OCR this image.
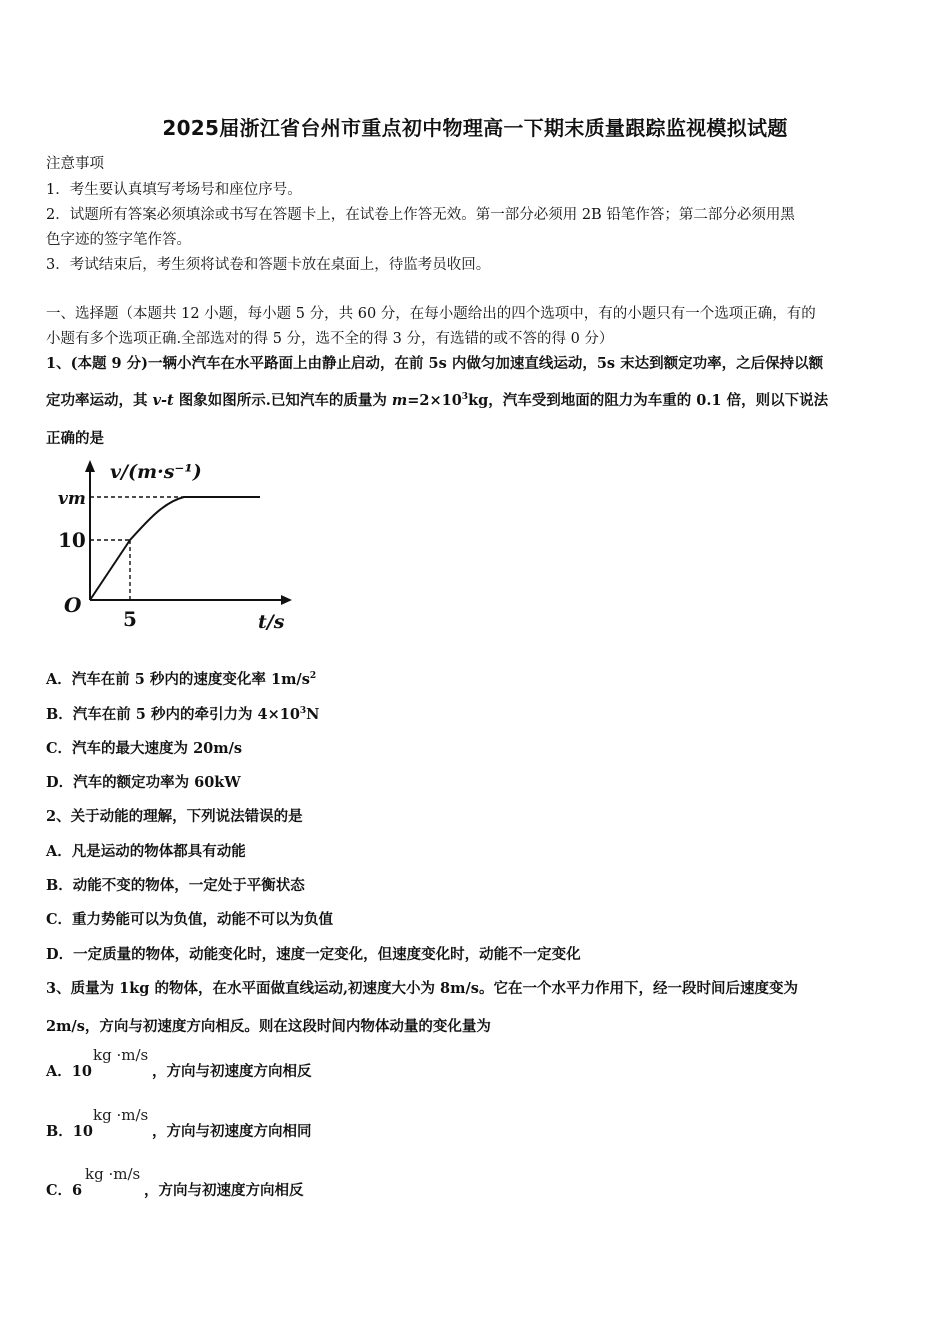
2025届浙江省台州市重点初中物理高一下期末质量跟踪监视模拟试题
注意事项
1．考生要认真填写考场号和座位序号。
2．试题所有答案必须填涂或书写在答题卡上，在试卷上作答无效。第一部分必须用 2B 铅笔作答；第二部分必须用黑
色字迹的签字笔作答。
3．考试结束后，考生须将试卷和答题卡放在桌面上，待监考员收回。
一、选择题（本题共 12 小题，每小题 5 分，共 60 分，在每小题给出的四个选项中，有的小题只有一个选项正确，有的
小题有多个选项正确.全部选对的得 5 分，选不全的得 3 分，有选错的或不答的得 0 分）
1、(本题 9 分)一辆小汽车在水平路面上由静止启动，在前 5s 内做匀加速直线运动，5s 末达到额定功率，之后保持以额
定功率运动，其 v-t 图象如图所示.已知汽车的质量为 $m=2\times 10^3kg$，汽车受到地面的阻力为车重的 0.1 倍，则以下说法
正确的是
v/(m·s⁻¹)
vm
10
O
5	t/s
A．汽车在前 5 秒内的速度变化率 $1m/s^2$
B．汽车在前 5 秒内的牵引力为 $4\times 10^3N$
C．汽车的最大速度为 20m/s
D．汽车的额定功率为 60kW
2、关于动能的理解，下列说法错误的是
A．凡是运动的物体都具有动能
B．动能不变的物体，一定处于平衡状态
C．重力势能可以为负值，动能不可以为负值
D．一定质量的物体，动能变化时，速度一定变化，但速度变化时，动能不一定变化
3、质量为 1kg 的物体，在水平面做直线运动,初速度大小为 8m/s。它在一个水平力作用下，经一段时间后速度变为
2m/s，方向与初速度方向相反。则在这段时间内物体动量的变化量为
A．10
kg ·m/s
，方向与初速度方向相反
B．10
kg ·m/s
，方向与初速度方向相同
C．6
kg ·m/s
，方向与初速度方向相反
